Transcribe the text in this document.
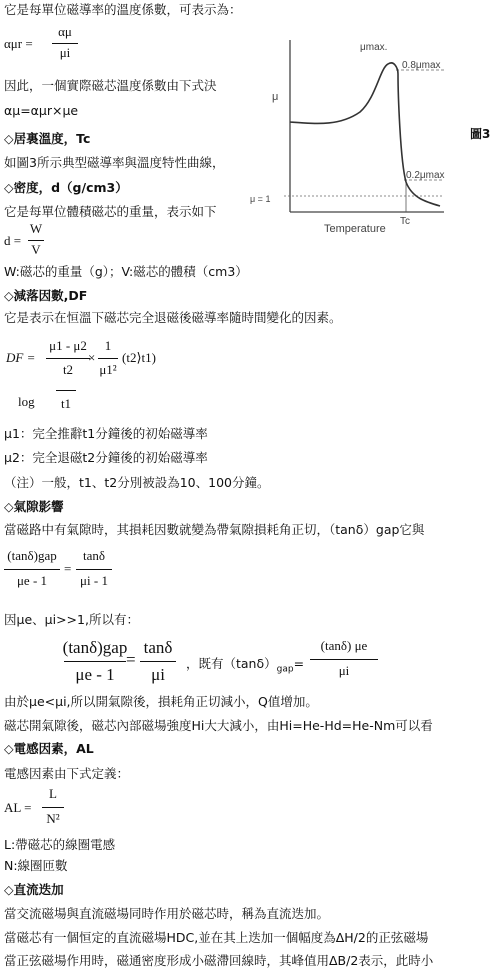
它是每單位磁導率的溫度係數，可表示為：
αμr =
αμ
μi
因此，一個實際磁芯溫度係數由下式決
αμ=αμr×μe
◇居裏溫度，Tc
如圖3所示典型磁導率與溫度特性曲線，
◇密度，d（g/cm3）
它是每單位體積磁芯的重量，表示如下
d =
W
V
W:磁芯的重量（g）；V:磁芯的體積（cm3）
◇減落因數,DF
它是表示在恒溫下磁芯完全退磁後磁導率隨時間變化的因素。
DF =
μ1 - μ2
t2
×
1
μ1²
(t2⟩t1)
log	t1
μ1：完全推辭t1分鐘後的初始磁導率
μ2：完全退磁t2分鐘後的初始磁導率
（注）一般，t1、t2分別被設為10、100分鐘。
◇氣隙影響
當磁路中有氣隙時，其損耗因數就變為帶氣隙損耗角正切，（tanδ）gap它與
(tanδ)gap
μe - 1
=
tanδ
μi - 1
因μe、μi>>1,所以有：
(tanδ)gap
μe - 1
=
tanδ
μi
，既有$(\tan\delta)_{gap}=$
(tanδ) μe
μi
由於μe<μi,所以開氣隙後，損耗角正切減小，Q值增加。
磁芯開氣隙後，磁芯內部磁場強度Hi大大減小，由Hi=He-Hd=He-Nm可以看
◇電感因素，AL
電感因素由下式定義：
AL =
L
N²
L:帶磁芯的線圈電感
N:線圈匝數
◇直流迭加
當交流磁場與直流磁場同時作用於磁芯時，稱為直流迭加。
當磁芯有一個恒定的直流磁場HDC,並在其上迭加一個幅度為ΔH/2的正弦磁場
當正弦磁場作用時，磁通密度形成小磁滯回線時，其峰值用ΔB/2表示，此時小
μmax.
0.8μmax
0.2μmax
μ
μ = 1
Temperature
Tc
圖3
